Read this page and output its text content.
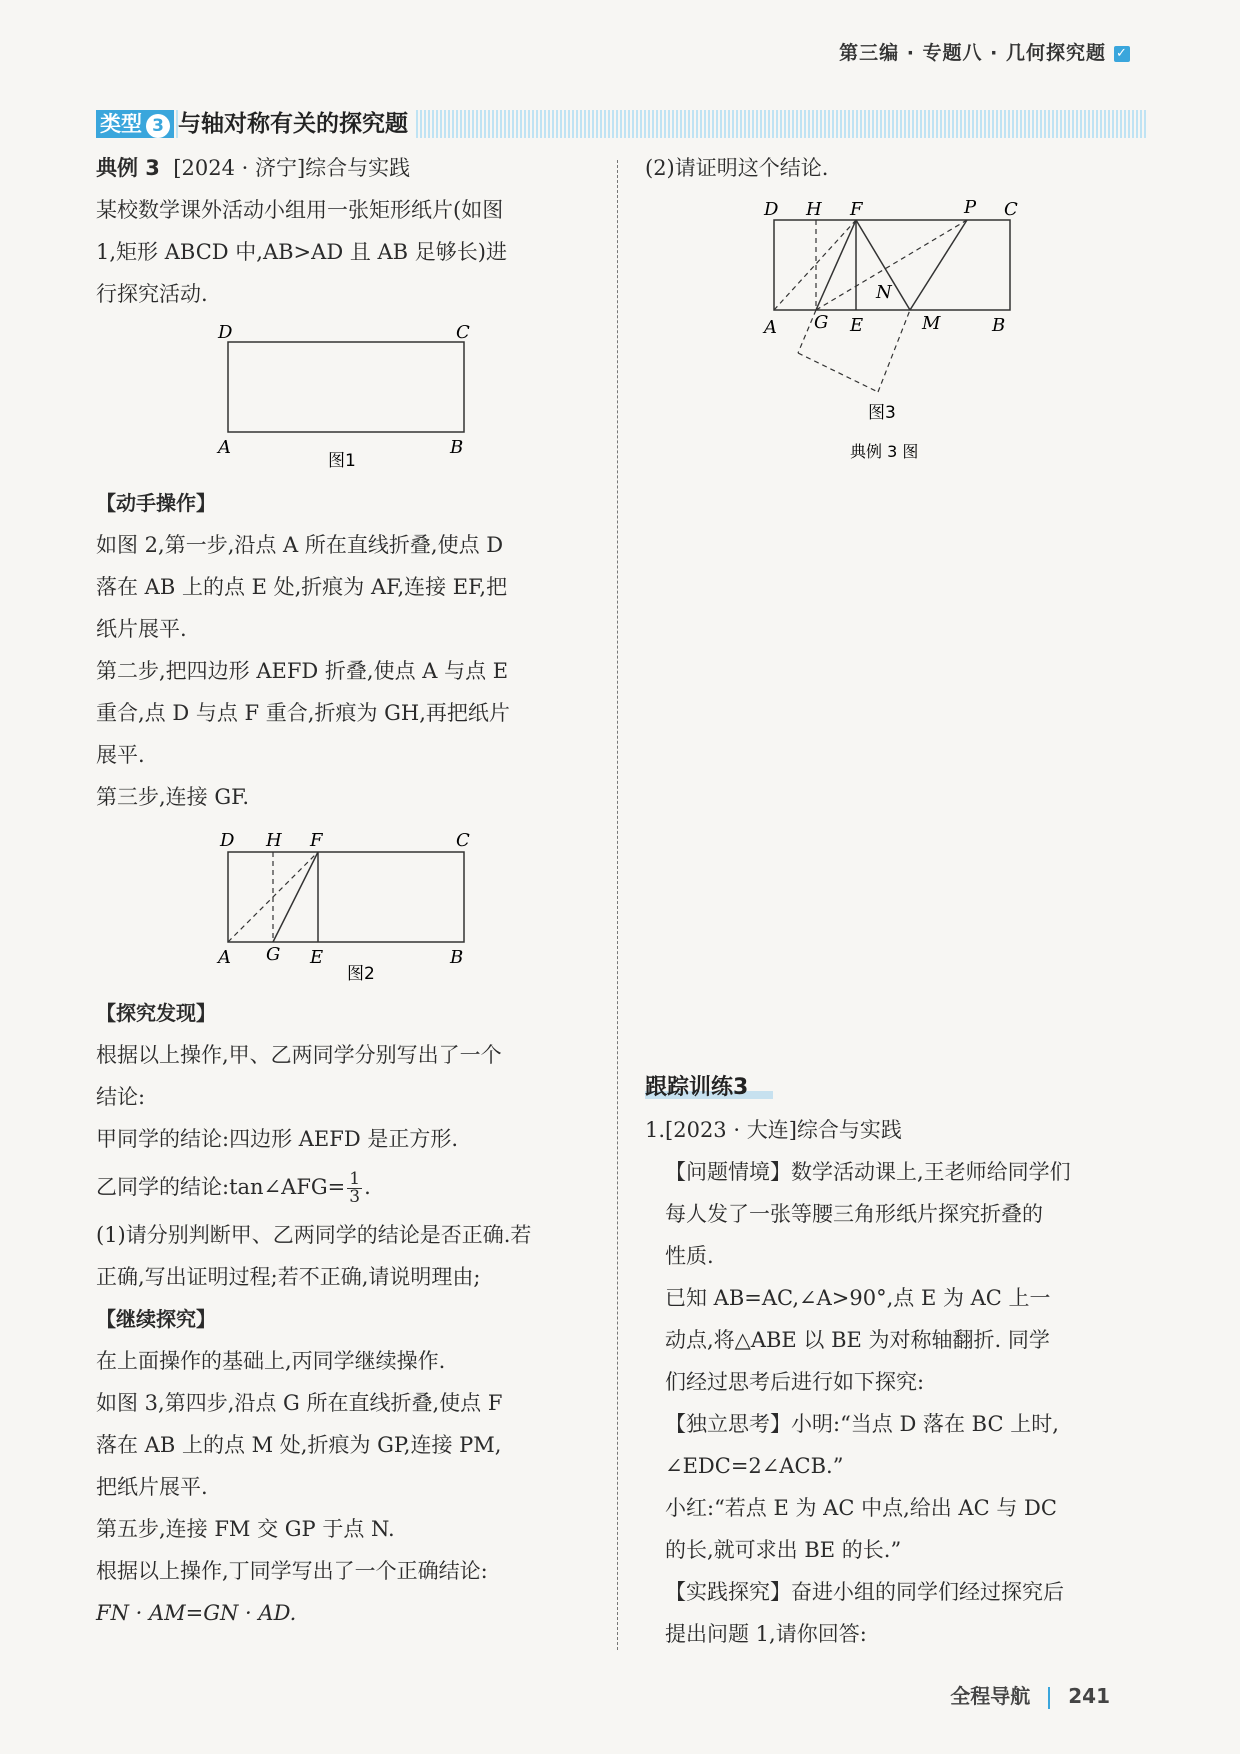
第三编 · 专题八 · 几何探究题 ✓
类型 3 与轴对称有关的探究题

典例 3 [2024 · 济宁]综合与实践

某校数学课外活动小组用一张矩形纸片(如图

1,矩形 ABCD 中,AB>AD 且 AB 足够长)进

行探究活动.

D	C
A	B
图1

【动手操作】

如图 2,第一步,沿点 A 所在直线折叠,使点 D

落在 AB 上的点 E 处,折痕为 AF,连接 EF,把

纸片展平.

第二步,把四边形 AEFD 折叠,使点 A 与点 E

重合,点 D 与点 F 重合,折痕为 GH,再把纸片

展平.

第三步,连接 GF.

D H F	C
A G E	B
图2

【探究发现】

根据以上操作,甲、乙两同学分别写出了一个

结论:

甲同学的结论:四边形 AEFD 是正方形.

乙同学的结论:tan∠AFG= $\frac{1}{3}$ .

(1)请分别判断甲、乙两同学的结论是否正确.若

正确,写出证明过程;若不正确,请说明理由;

【继续探究】

在上面操作的基础上,丙同学继续操作.

如图 3,第四步,沿点 G 所在直线折叠,使点 F

落在 AB 上的点 M 处,折痕为 GP,连接 PM,

把纸片展平.

第五步,连接 FM 交 GP 于点 N.

根据以上操作,丁同学写出了一个正确结论:

FN · AM=GN · AD.

(2)请证明这个结论.

D H F	P C
N
A G E	M	B
图3
典例 3 图
跟踪训练3

1.[2023 · 大连]综合与实践

【问题情境】数学活动课上,王老师给同学们

每人发了一张等腰三角形纸片探究折叠的

性质.

已知 AB=AC,∠A>90°,点 E 为 AC 上一

动点,将△ABE 以 BE 为对称轴翻折. 同学

们经过思考后进行如下探究:

【独立思考】小明:“当点 D 落在 BC 上时,

∠EDC=2∠ACB.”

小红:“若点 E 为 AC 中点,给出 AC 与 DC

的长,就可求出 BE 的长.”

【实践探究】奋进小组的同学们经过探究后

提出问题 1,请你回答:

全程导航 241
